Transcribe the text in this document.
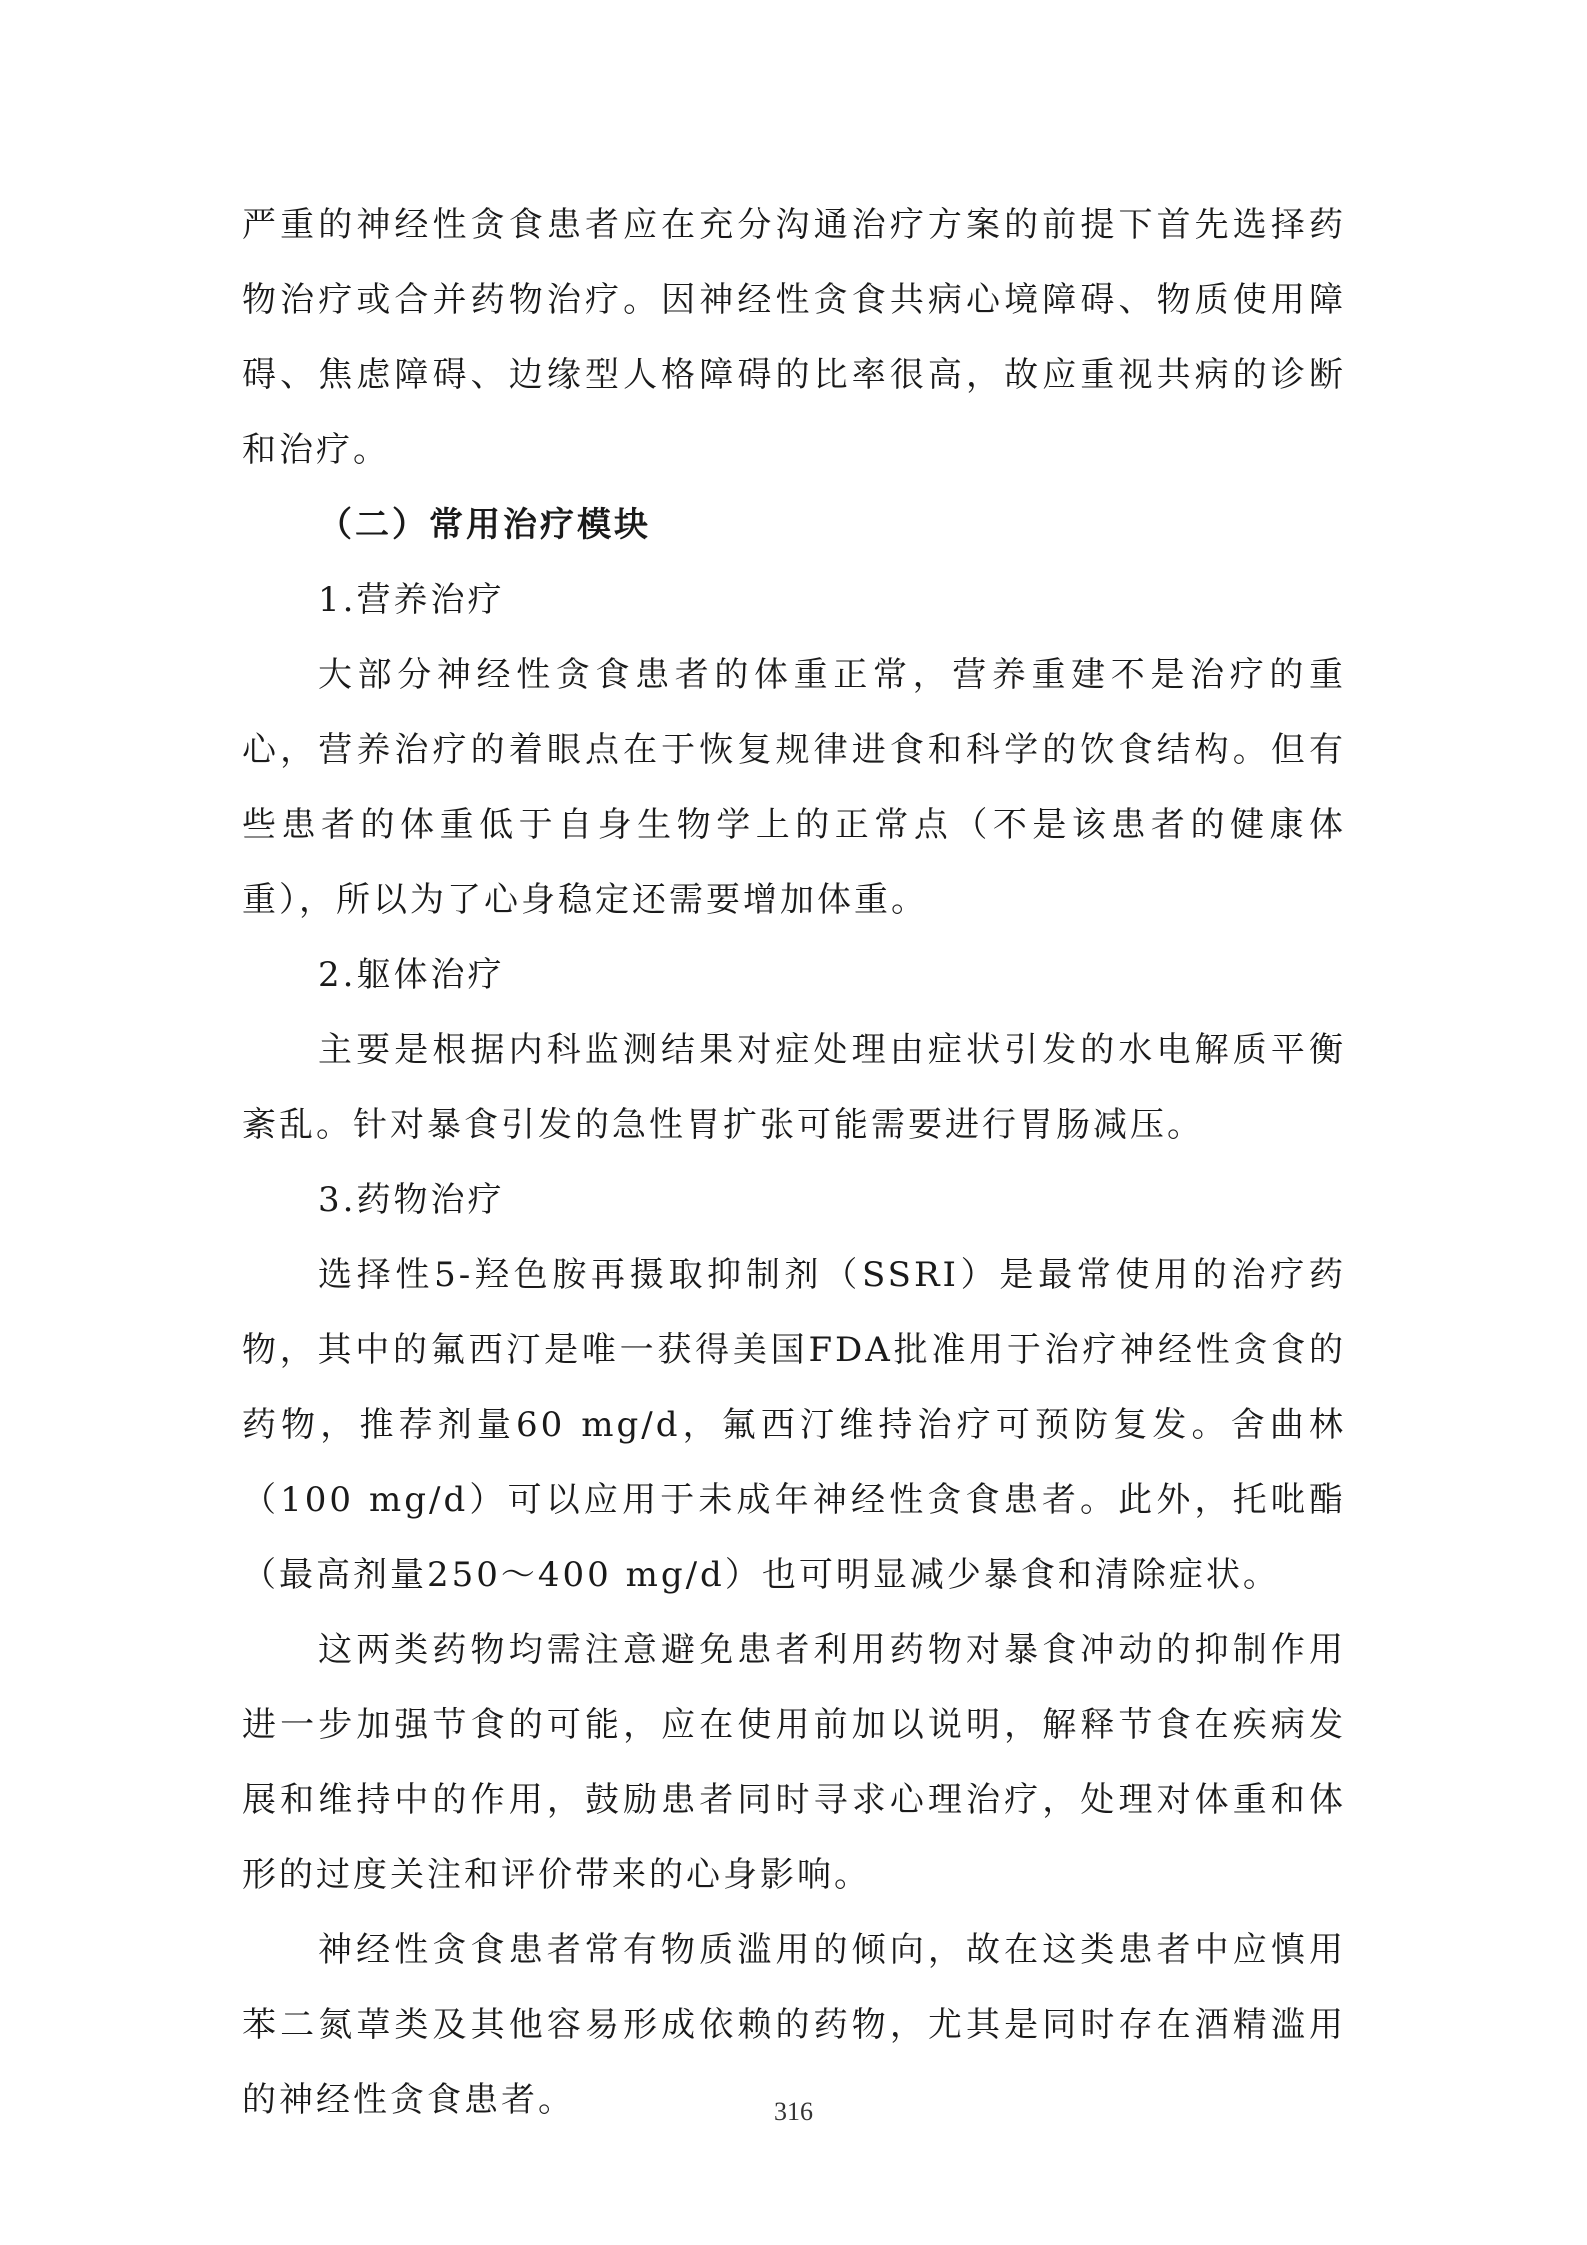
严重的神经性贪食患者应在充分沟通治疗方案的前提下首先选择药物治疗或合并药物治疗。因神经性贪食共病心境障碍、物质使用障碍、焦虑障碍、边缘型人格障碍的比率很高，故应重视共病的诊断和治疗。

（二）常用治疗模块

1.营养治疗

大部分神经性贪食患者的体重正常，营养重建不是治疗的重心，营养治疗的着眼点在于恢复规律进食和科学的饮食结构。但有些患者的体重低于自身生物学上的正常点（不是该患者的健康体重），所以为了心身稳定还需要增加体重。

2.躯体治疗

主要是根据内科监测结果对症处理由症状引发的水电解质平衡紊乱。针对暴食引发的急性胃扩张可能需要进行胃肠减压。

3.药物治疗

选择性5-羟色胺再摄取抑制剂（SSRI）是最常使用的治疗药物，其中的氟西汀是唯一获得美国FDA批准用于治疗神经性贪食的药物，推荐剂量60 mg/d，氟西汀维持治疗可预防复发。舍曲林（100 mg/d）可以应用于未成年神经性贪食患者。此外，托吡酯（最高剂量250～400 mg/d）也可明显减少暴食和清除症状。

这两类药物均需注意避免患者利用药物对暴食冲动的抑制作用进一步加强节食的可能，应在使用前加以说明，解释节食在疾病发展和维持中的作用，鼓励患者同时寻求心理治疗，处理对体重和体形的过度关注和评价带来的心身影响。

神经性贪食患者常有物质滥用的倾向，故在这类患者中应慎用苯二氮䓬类及其他容易形成依赖的药物，尤其是同时存在酒精滥用的神经性贪食患者。	316
